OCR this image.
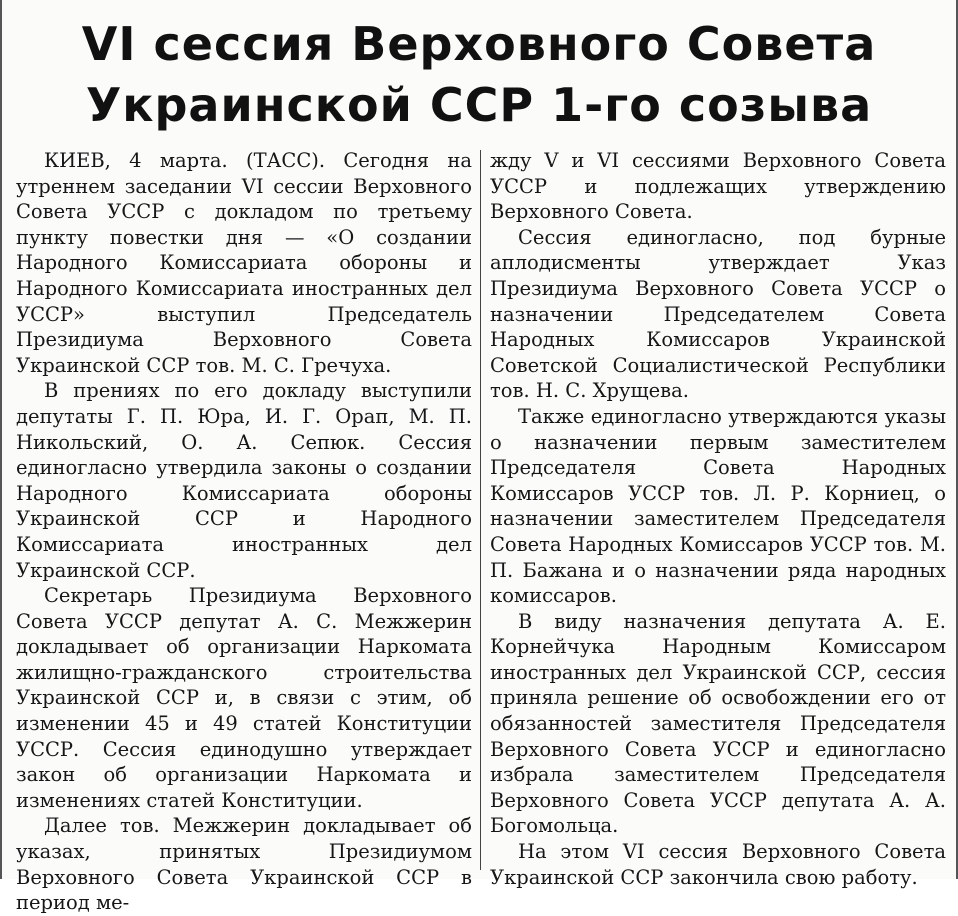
VI сессия Верховного Совета
Украинской ССР 1-го созыва

КИЕВ, 4 марта. (ТАСС). Сегодня на утреннем заседании VI сессии Верховного Совета УССР с докладом по третьему пункту повестки дня — «О создании Народного Комиссариата обороны и Народного Комиссариата иностранных дел УССР» выступил Председатель Президиума Верховного Совета Украинской ССР тов. М. С. Гречуха.

В прениях по его докладу выступили депутаты Г. П. Юра, И. Г. Орап, М. П. Никольский, О. А. Сепюк. Сессия единогласно утвердила законы о создании Народного Комиссариата обороны Украинской ССР и Народного Комиссариата иностранных дел Украинской ССР.

Секретарь Президиума Верховного Совета УССР депутат А. С. Межжерин докладывает об организации Наркомата жилищно-гражданского строительства Украинской ССР и, в связи с этим, об изменении 45 и 49 статей Конституции УССР. Сессия единодушно утверждает закон об организации Наркомата и изменениях статей Конституции.

Далее тов. Межжерин докладывает об указах, принятых Президиумом Верховного Совета Украинской ССР в период ме-

жду V и VI сессиями Верховного Совета УССР и подлежащих утверждению Верховного Совета.

Сессия единогласно, под бурные аплодисменты утверждает Указ Президиума Верховного Совета УССР о назначении Председателем Совета Народных Комиссаров Украинской Советской Социалистической Республики тов. Н. С. Хрущева.

Также единогласно утверждаются указы о назначении первым заместителем Председателя Совета Народных Комиссаров УССР тов. Л. Р. Корниец, о назначении заместителем Председателя Совета Народных Комиссаров УССР тов. М. П. Бажана и о назначении ряда народных комиссаров.

В виду назначения депутата А. Е. Корнейчука Народным Комиссаром иностранных дел Украинской ССР, сессия приняла решение об освобождении его от обязанностей заместителя Председателя Верховного Совета УССР и единогласно избрала заместителем Председателя Верховного Совета УССР депутата А. А. Богомольца.

На этом VI сессия Верховного Совета Украинской ССР закончила свою работу.
